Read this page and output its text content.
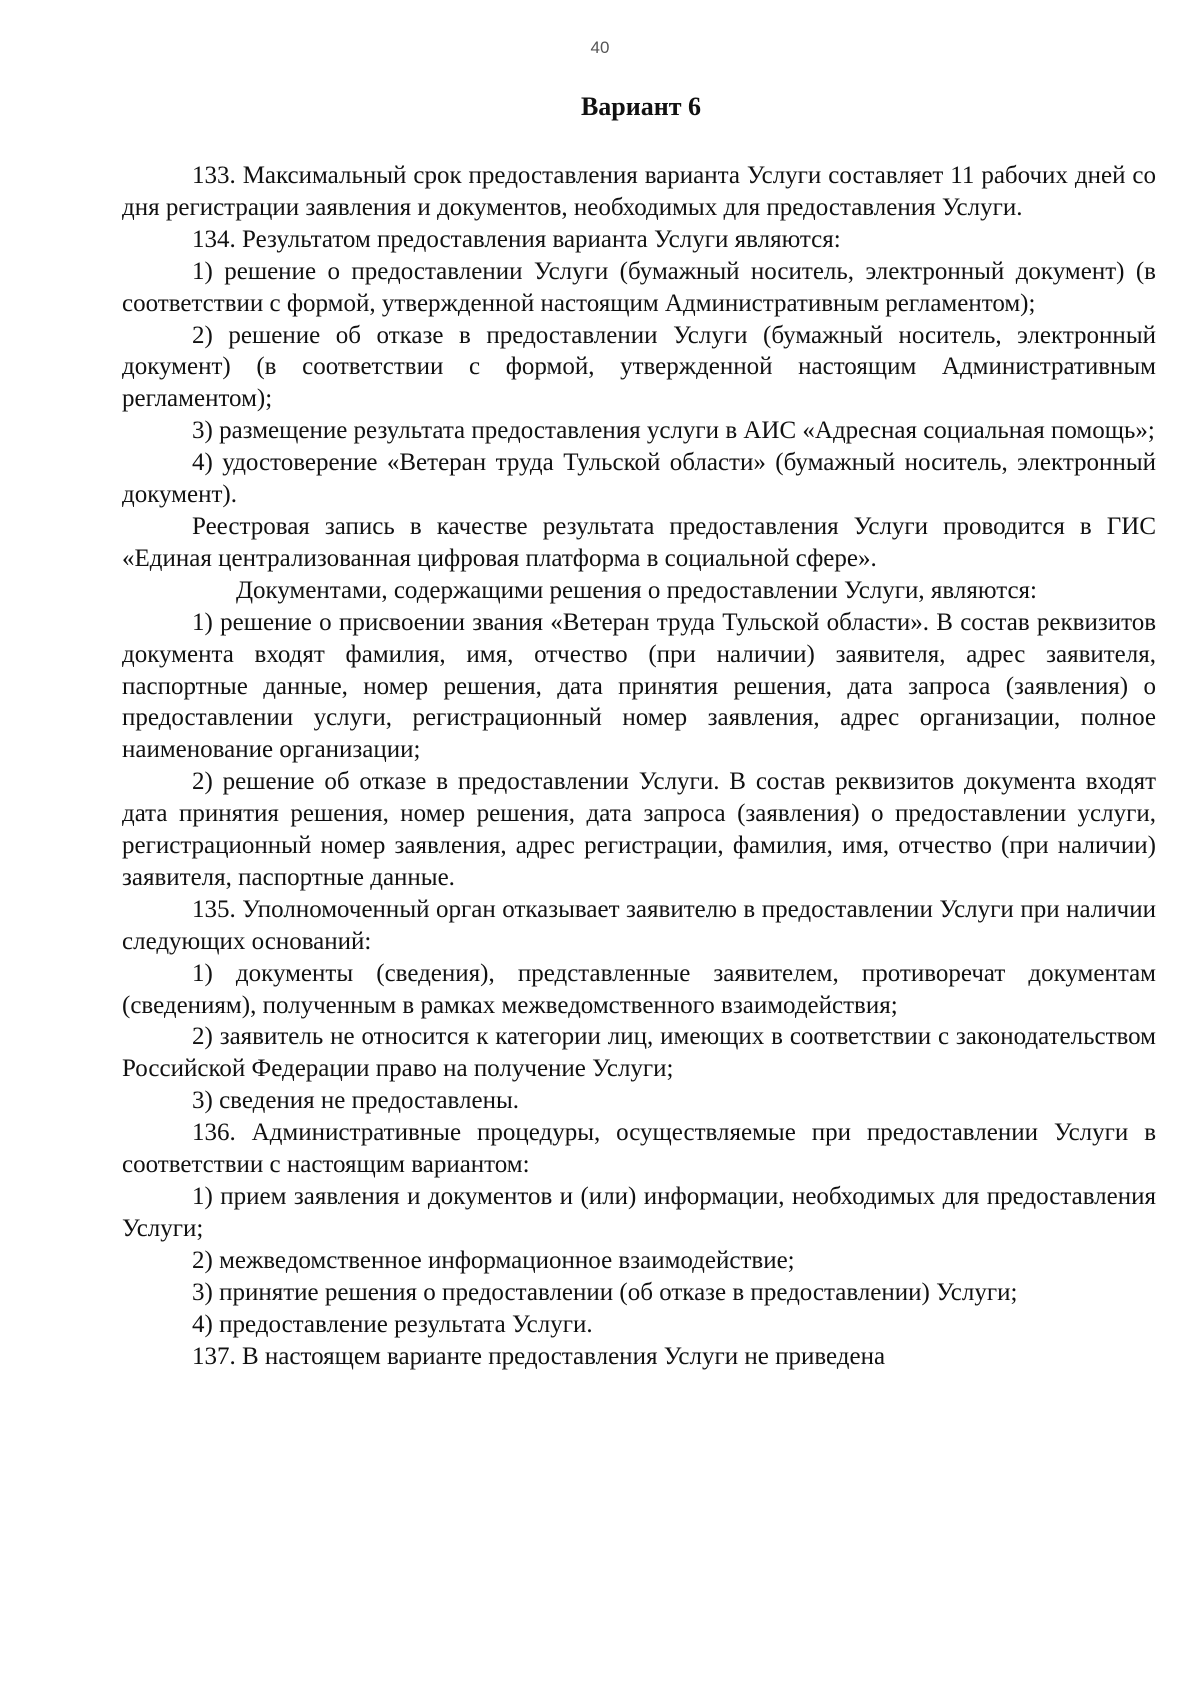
40
Вариант 6

133. Максимальный срок предоставления варианта Услуги составляет 11 рабочих дней со дня регистрации заявления и документов, необходимых для предоставления Услуги.

134. Результатом предоставления варианта Услуги являются:

1) решение о предоставлении Услуги (бумажный носитель, электронный документ) (в соответствии с формой, утвержденной настоящим Административным регламентом);

2) решение об отказе в предоставлении Услуги (бумажный носитель, электронный документ) (в соответствии с формой, утвержденной настоящим Административным регламентом);

3) размещение результата предоставления услуги в АИС «Адресная социальная помощь»;

4) удостоверение «Ветеран труда Тульской области» (бумажный носитель, электронный документ).

Реестровая запись в качестве результата предоставления Услуги проводится в ГИС «Единая централизованная цифровая платформа в социальной сфере».

Документами, содержащими решения о предоставлении Услуги, являются:

1) решение о присвоении звания «Ветеран труда Тульской области». В состав реквизитов документа входят фамилия, имя, отчество (при наличии) заявителя, адрес заявителя, паспортные данные, номер решения, дата принятия решения, дата запроса (заявления) о предоставлении услуги, регистрационный номер заявления, адрес организации, полное наименование организации;

2) решение об отказе в предоставлении Услуги. В состав реквизитов документа входят дата принятия решения, номер решения, дата запроса (заявления) о предоставлении услуги, регистрационный номер заявления, адрес регистрации, фамилия, имя, отчество (при наличии) заявителя, паспортные данные.

135. Уполномоченный орган отказывает заявителю в предоставлении Услуги при наличии следующих оснований:

1) документы (сведения), представленные заявителем, противоречат документам (сведениям), полученным в рамках межведомственного взаимодействия;

2) заявитель не относится к категории лиц, имеющих в соответствии с законодательством Российской Федерации право на получение Услуги;

3) сведения не предоставлены.

136. Административные процедуры, осуществляемые при предоставлении Услуги в соответствии с настоящим вариантом:

1) прием заявления и документов и (или) информации, необходимых для предоставления Услуги;

2) межведомственное информационное взаимодействие;

3) принятие решения о предоставлении (об отказе в предоставлении) Услуги;

4) предоставление результата Услуги.

137. В настоящем варианте предоставления Услуги не приведена
